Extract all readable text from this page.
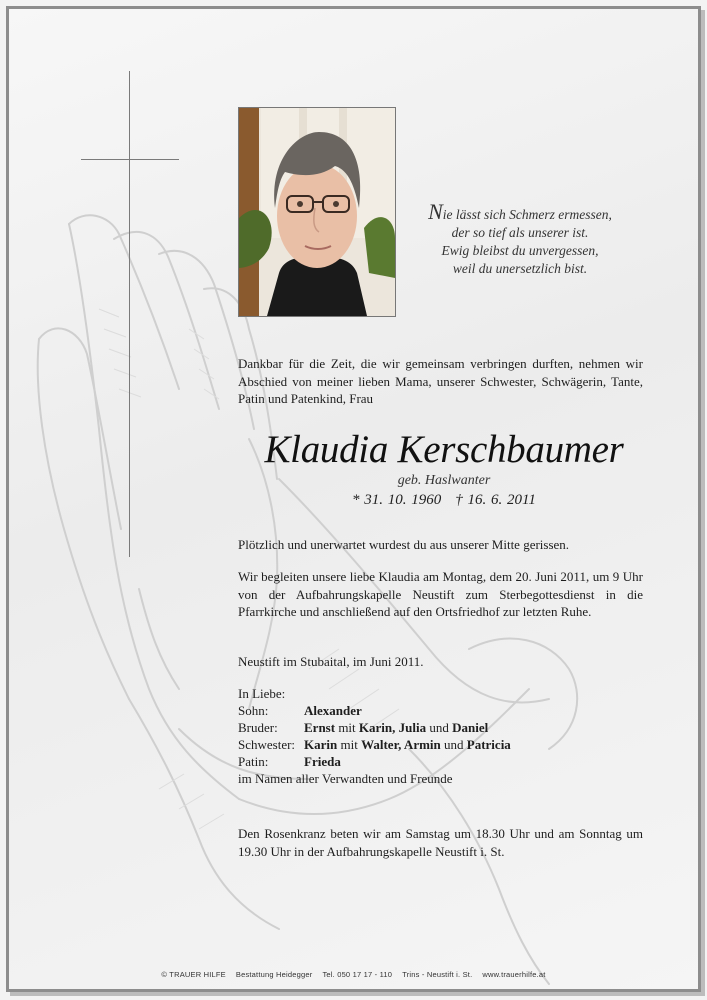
Nie lässt sich Schmerz ermessen,
der so tief als unserer ist.
Ewig bleibst du unvergessen,
weil du unersetzlich bist.
Dankbar für die Zeit, die wir gemeinsam verbringen durften, nehmen wir Abschied von meiner lieben Mama, unserer Schwester, Schwägerin, Tante, Patin und Patenkind, Frau
Klaudia Kerschbaumer
geb. Haslwanter
* 31. 10. 1960 † 16. 6. 2011
Plötzlich und unerwartet wurdest du aus unserer Mitte gerissen.
Wir begleiten unsere liebe Klaudia am Montag, dem 20. Juni 2011, um 9 Uhr von der Aufbahrungskapelle Neustift zum Sterbegottesdienst in die Pfarrkirche und anschließend auf den Ortsfriedhof zur letzten Ruhe.
Neustift im Stubaital, im Juni 2011.
In Liebe:
Sohn:	Alexander
Bruder:	Ernst mit Karin, Julia und Daniel
Schwester: Karin mit Walter, Armin und Patricia
Patin:	Frieda
im Namen aller Verwandten und Freunde
Den Rosenkranz beten wir am Samstag um 18.30 Uhr und am Sonntag um 19.30 Uhr in der Aufbahrungskapelle Neustift i. St.
© TRAUER HILFE Bestattung Heidegger Tel. 050 17 17 - 110 Trins - Neustift i. St. www.trauerhilfe.at
